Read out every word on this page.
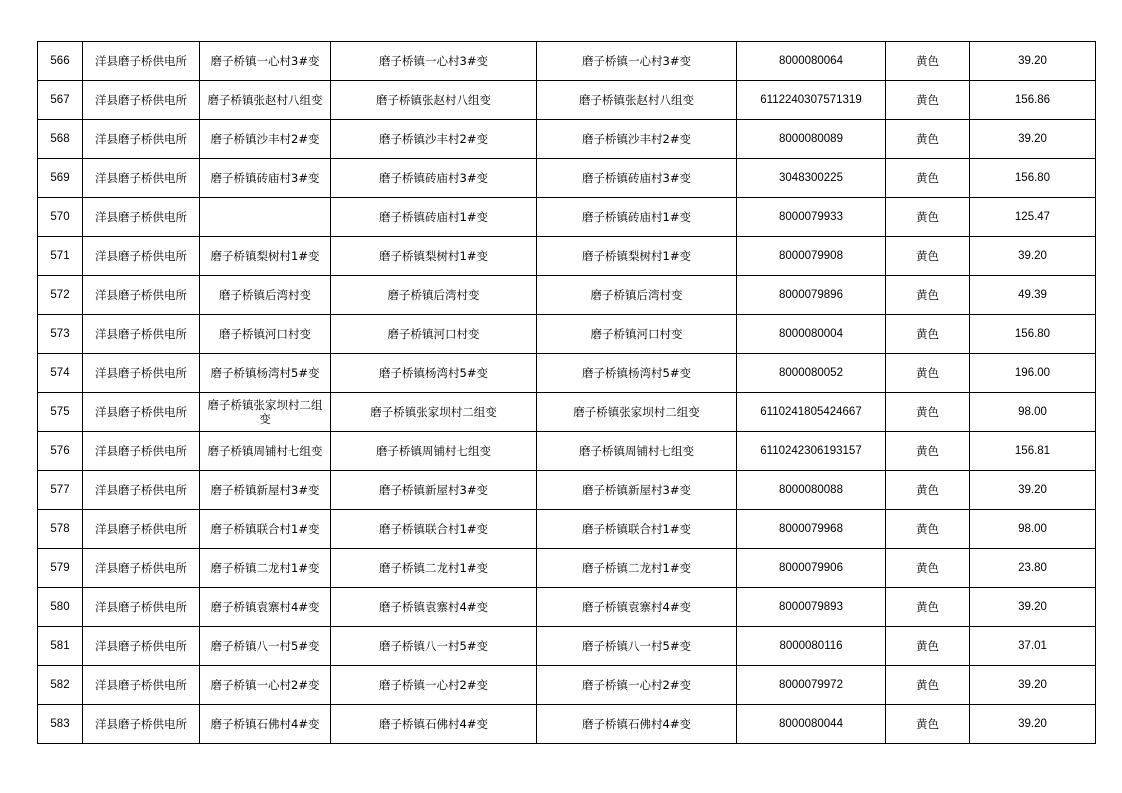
566	洋县磨子桥供电所	磨子桥镇一心村3#变	磨子桥镇一心村3#变	磨子桥镇一心村3#变	8000080064	黄色	39.20
567	洋县磨子桥供电所	磨子桥镇张赵村八组变	磨子桥镇张赵村八组变	磨子桥镇张赵村八组变	6112240307571319	黄色	156.86
568	洋县磨子桥供电所	磨子桥镇沙丰村2#变	磨子桥镇沙丰村2#变	磨子桥镇沙丰村2#变	8000080089	黄色	39.20
569	洋县磨子桥供电所	磨子桥镇砖庙村3#变	磨子桥镇砖庙村3#变	磨子桥镇砖庙村3#变	3048300225	黄色	156.80
570	洋县磨子桥供电所		磨子桥镇砖庙村1#变	磨子桥镇砖庙村1#变	8000079933	黄色	125.47
571	洋县磨子桥供电所	磨子桥镇梨树村1#变	磨子桥镇梨树村1#变	磨子桥镇梨树村1#变	8000079908	黄色	39.20
572	洋县磨子桥供电所	磨子桥镇后湾村变	磨子桥镇后湾村变	磨子桥镇后湾村变	8000079896	黄色	49.39
573	洋县磨子桥供电所	磨子桥镇河口村变	磨子桥镇河口村变	磨子桥镇河口村变	8000080004	黄色	156.80
574	洋县磨子桥供电所	磨子桥镇杨湾村5#变	磨子桥镇杨湾村5#变	磨子桥镇杨湾村5#变	8000080052	黄色	196.00
575	洋县磨子桥供电所	磨子桥镇张家坝村二组变	磨子桥镇张家坝村二组变	磨子桥镇张家坝村二组变	6110241805424667	黄色	98.00
576	洋县磨子桥供电所	磨子桥镇周铺村七组变	磨子桥镇周铺村七组变	磨子桥镇周铺村七组变	6110242306193157	黄色	156.81
577	洋县磨子桥供电所	磨子桥镇新屋村3#变	磨子桥镇新屋村3#变	磨子桥镇新屋村3#变	8000080088	黄色	39.20
578	洋县磨子桥供电所	磨子桥镇联合村1#变	磨子桥镇联合村1#变	磨子桥镇联合村1#变	8000079968	黄色	98.00
579	洋县磨子桥供电所	磨子桥镇二龙村1#变	磨子桥镇二龙村1#变	磨子桥镇二龙村1#变	8000079906	黄色	23.80
580	洋县磨子桥供电所	磨子桥镇袁寨村4#变	磨子桥镇袁寨村4#变	磨子桥镇袁寨村4#变	8000079893	黄色	39.20
581	洋县磨子桥供电所	磨子桥镇八一村5#变	磨子桥镇八一村5#变	磨子桥镇八一村5#变	8000080116	黄色	37.01
582	洋县磨子桥供电所	磨子桥镇一心村2#变	磨子桥镇一心村2#变	磨子桥镇一心村2#变	8000079972	黄色	39.20
583	洋县磨子桥供电所	磨子桥镇石佛村4#变	磨子桥镇石佛村4#变	磨子桥镇石佛村4#变	8000080044	黄色	39.20
